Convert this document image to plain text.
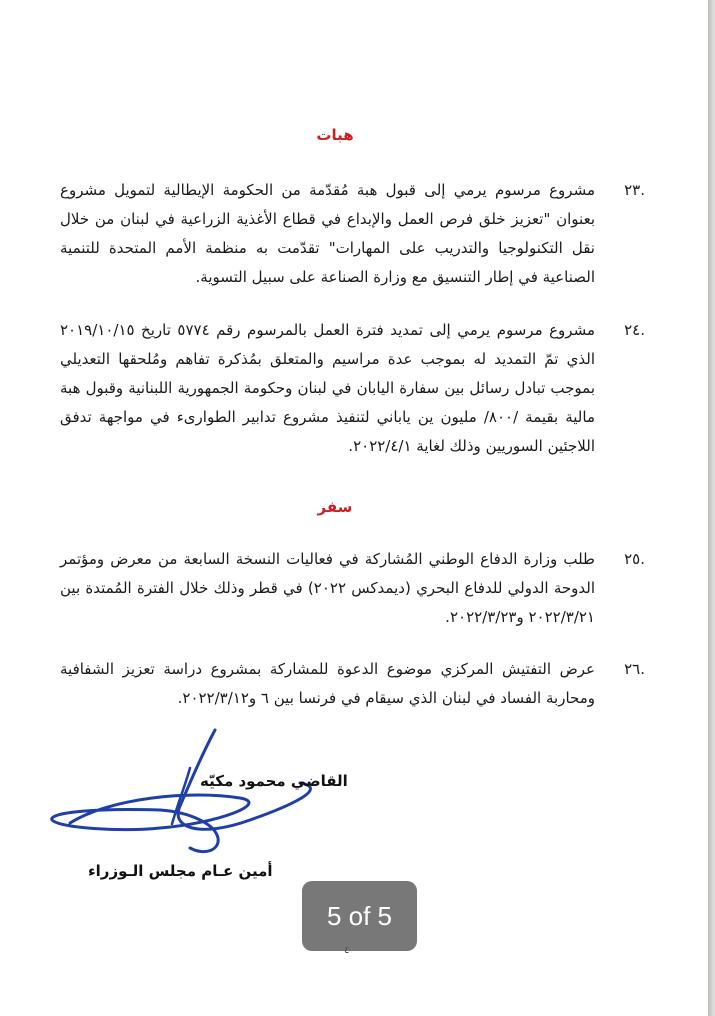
هبات
.٢٣
مشروع مرسوم يرمي إلى قبول هبة مُقدّمة من الحكومة الإيطالية لتمويل مشروع بعنوان "تعزيز خلق فرص العمل والإبداع في قطاع الأغذية الزراعية في لبنان من خلال نقل التكنولوجيا والتدريب على المهارات" تقدّمت به منظمة الأمم المتحدة للتنمية الصناعية في إطار التنسيق مع وزارة الصناعة على سبيل التسوية.
.٢٤
مشروع مرسوم يرمي إلى تمديد فترة العمل بالمرسوم رقم ٥٧٧٤ تاريخ ٢٠١٩/١٠/١٥ الذي تمّ التمديد له بموجب عدة مراسيم والمتعلق بمُذكرة تفاهم ومُلحقها التعديلي بموجب تبادل رسائل بين سفارة اليابان في لبنان وحكومة الجمهورية اللبنانية وقبول هبة مالية بقيمة /٨٠٠/ مليون ين ياباني لتنفيذ مشروع تدابير الطوارىء في مواجهة تدفق اللاجئين السوريين وذلك لغاية ٢٠٢٢/٤/١.
سفر
.٢٥
طلب وزارة الدفاع الوطني المُشاركة في فعاليات النسخة السابعة من معرض ومؤتمر الدوحة الدولي للدفاع البحري (ديمدكس ٢٠٢٢) في قطر وذلك خلال الفترة المُمتدة بين ٢٠٢٢/٣/٢١ و٢٠٢٢/٣/٢٣.
.٢٦
عرض التفتيش المركزي موضوع الدعوة للمشاركة بمشروع دراسة تعزيز الشفافية ومحاربة الفساد في لبنان الذي سيقام في فرنسا بين ٦ و٢٠٢٢/٣/١٢.
القاضي محمود مكيّه
أمين عـام مجلس الـوزراء
5 of 5
